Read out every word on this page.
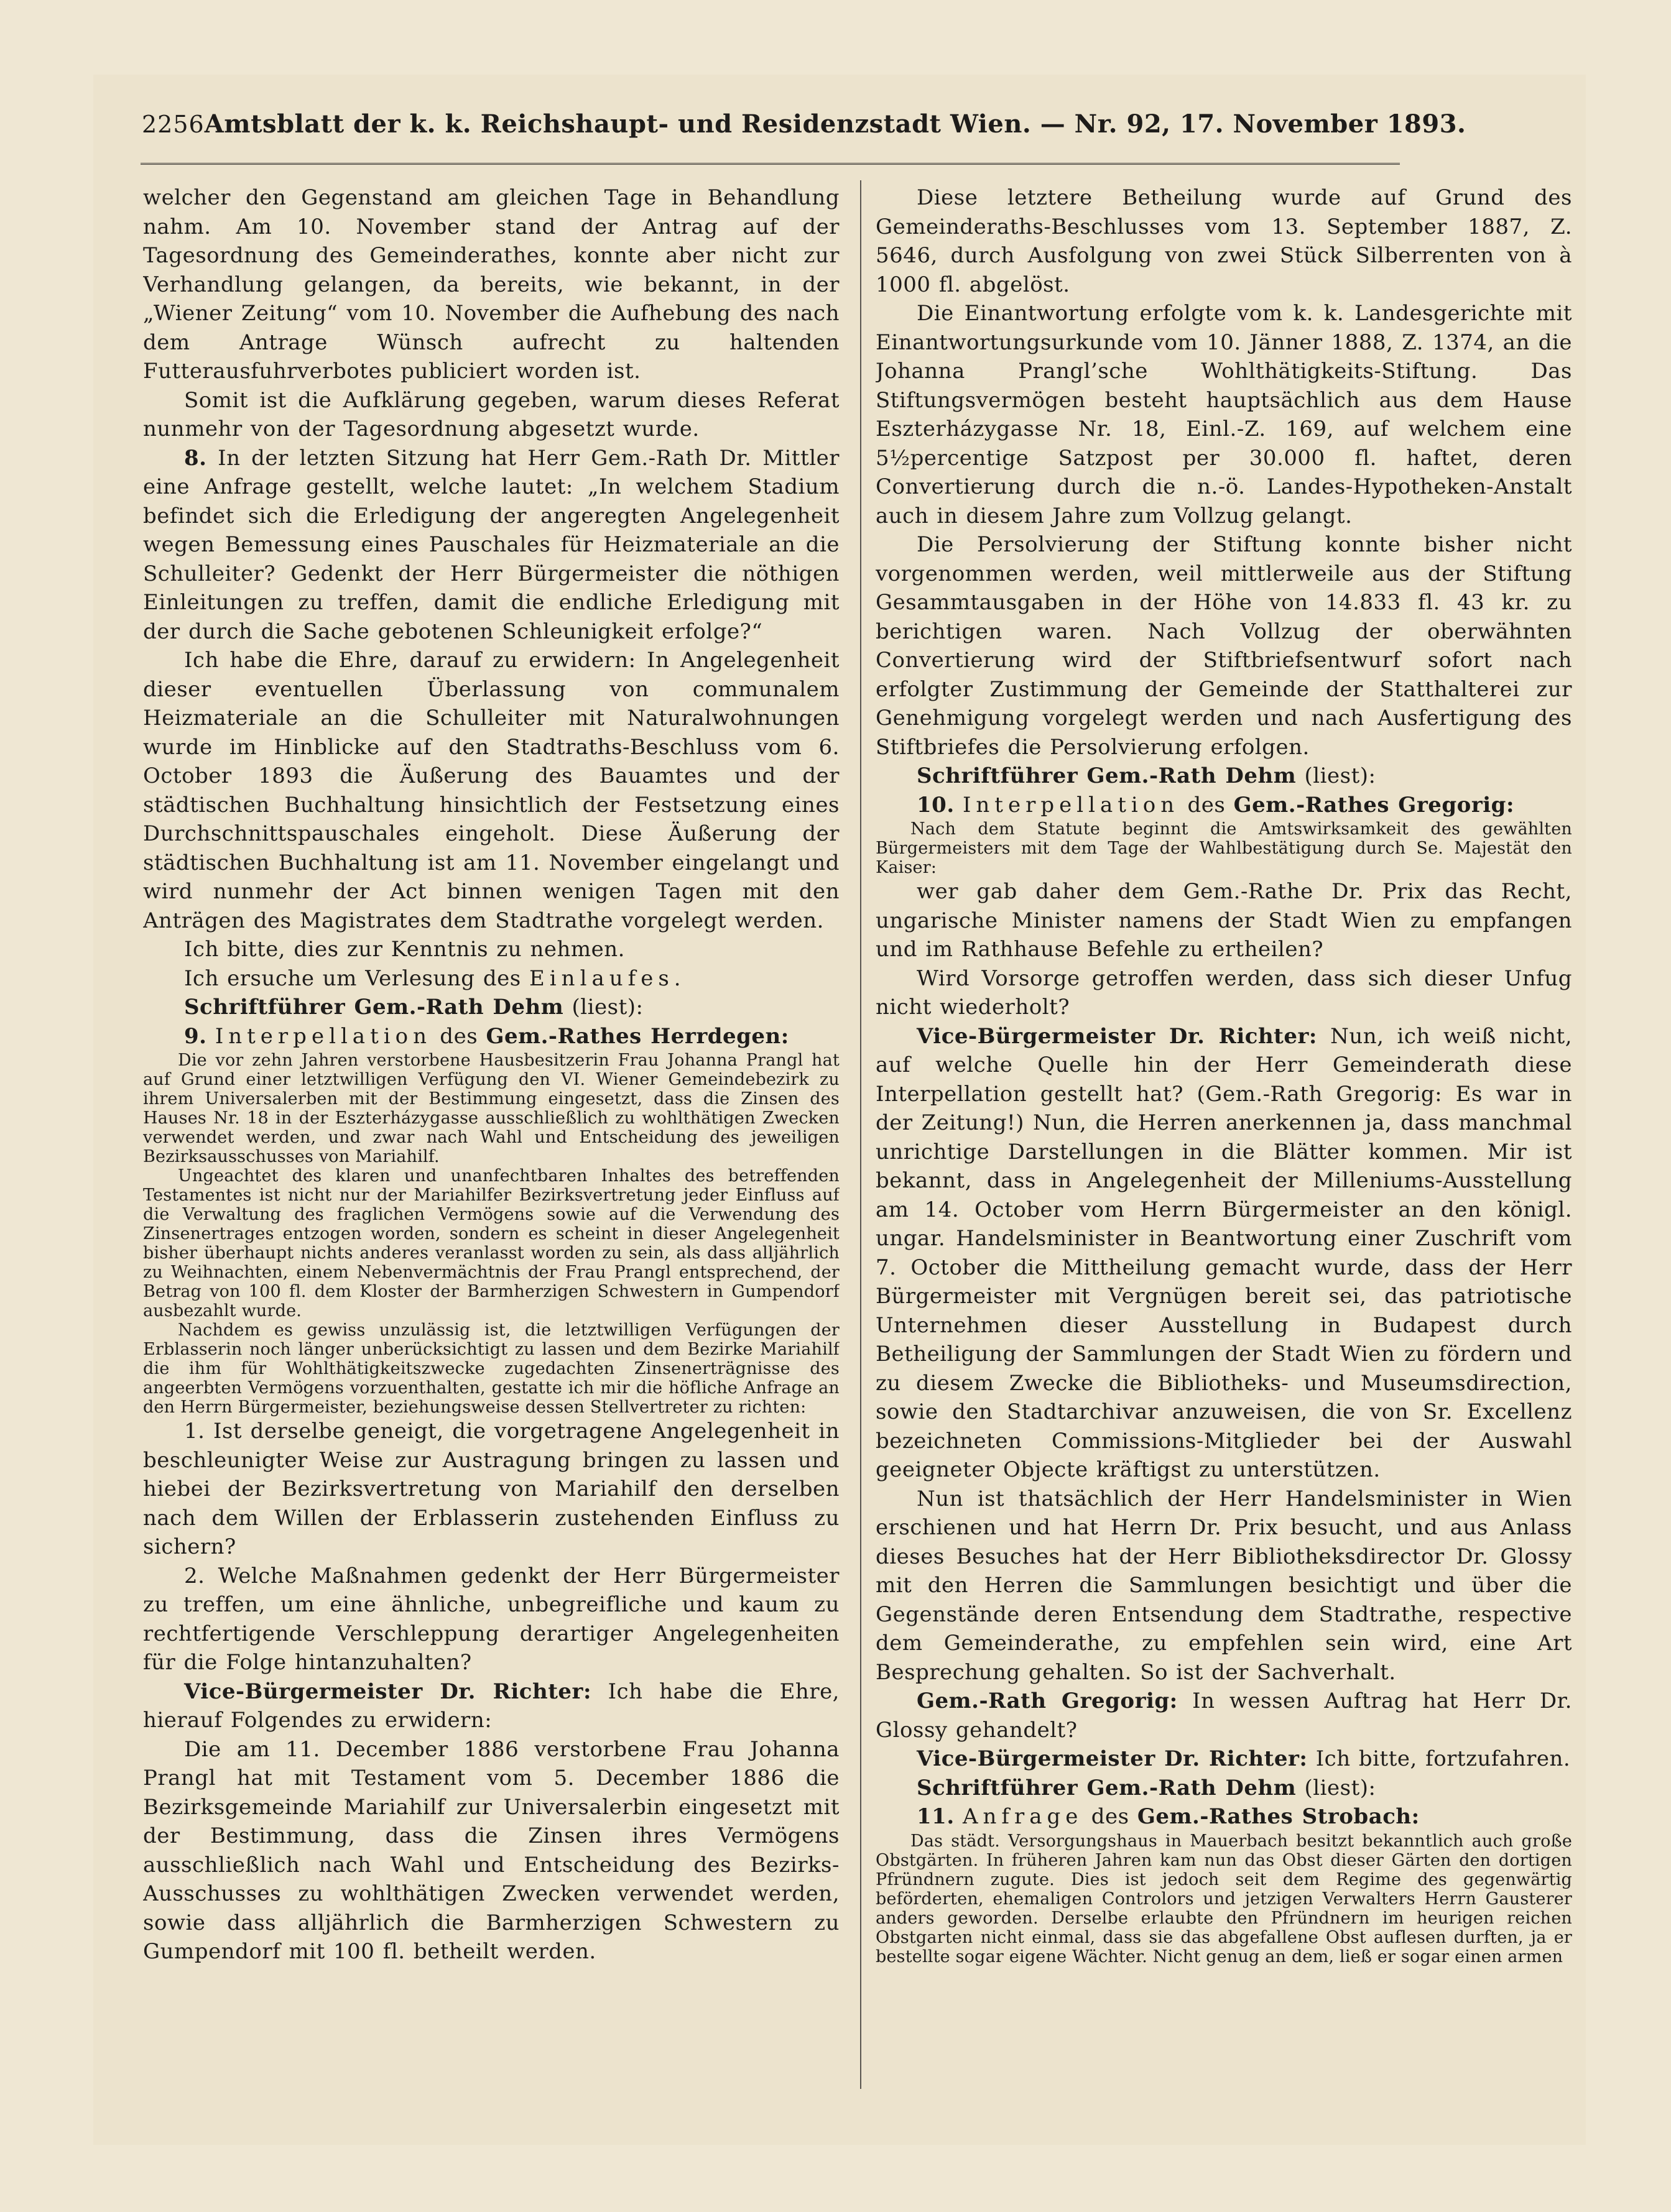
2256 Amtsblatt der k. k. Reichshaupt- und Residenzstadt Wien. — Nr. 92, 17. November 1893.

welcher den Gegenstand am gleichen Tage in Behandlung nahm. Am 10. November stand der Antrag auf der Tagesordnung des Gemeinderathes, konnte aber nicht zur Verhandlung gelangen, da bereits, wie bekannt, in der „Wiener Zeitung“ vom 10. November die Aufhebung des nach dem Antrage Wünsch aufrecht zu haltenden Futterausfuhrverbotes publiciert worden ist.

Somit ist die Aufklärung gegeben, warum dieses Referat nunmehr von der Tagesordnung abgesetzt wurde.

8. In der letzten Sitzung hat Herr Gem.-Rath Dr. Mittler eine Anfrage gestellt, welche lautet: „In welchem Stadium befindet sich die Erledigung der angeregten Angelegenheit wegen Bemessung eines Pauschales für Heizmateriale an die Schulleiter? Gedenkt der Herr Bürgermeister die nöthigen Einleitungen zu treffen, damit die endliche Erledigung mit der durch die Sache gebotenen Schleunigkeit erfolge?“

Ich habe die Ehre, darauf zu erwidern: In Angelegenheit dieser eventuellen Überlassung von communalem Heizmateriale an die Schulleiter mit Naturalwohnungen wurde im Hinblicke auf den Stadtraths-Beschluss vom 6. October 1893 die Äußerung des Bauamtes und der städtischen Buchhaltung hinsichtlich der Festsetzung eines Durchschnittspauschales eingeholt. Diese Äußerung der städtischen Buchhaltung ist am 11. November eingelangt und wird nunmehr der Act binnen wenigen Tagen mit den Anträgen des Magistrates dem Stadtrathe vorgelegt werden.

Ich bitte, dies zur Kenntnis zu nehmen.

Ich ersuche um Verlesung des Einlaufes.

Schriftführer Gem.-Rath Dehm (liest):

9. Interpellation des Gem.-Rathes Herrdegen:

Die vor zehn Jahren verstorbene Hausbesitzerin Frau Johanna Prangl hat auf Grund einer letztwilligen Verfügung den VI. Wiener Gemeindebezirk zu ihrem Universalerben mit der Bestimmung eingesetzt, dass die Zinsen des Hauses Nr. 18 in der Eszterházygasse ausschließlich zu wohlthätigen Zwecken verwendet werden, und zwar nach Wahl und Entscheidung des jeweiligen Bezirksausschusses von Mariahilf.

Ungeachtet des klaren und unanfechtbaren Inhaltes des betreffenden Testamentes ist nicht nur der Mariahilfer Bezirksvertretung jeder Einfluss auf die Verwaltung des fraglichen Vermögens sowie auf die Verwendung des Zinsenertrages entzogen worden, sondern es scheint in dieser Angelegenheit bisher überhaupt nichts anderes veranlasst worden zu sein, als dass alljährlich zu Weihnachten, einem Nebenvermächtnis der Frau Prangl entsprechend, der Betrag von 100 fl. dem Kloster der Barmherzigen Schwestern in Gumpendorf ausbezahlt wurde.

Nachdem es gewiss unzulässig ist, die letztwilligen Verfügungen der Erblasserin noch länger unberücksichtigt zu lassen und dem Bezirke Mariahilf die ihm für Wohlthätigkeitszwecke zugedachten Zinsenerträgnisse des angeerbten Vermögens vorzuenthalten, gestatte ich mir die höfliche Anfrage an den Herrn Bürgermeister, beziehungsweise dessen Stellvertreter zu richten:

1. Ist derselbe geneigt, die vorgetragene Angelegenheit in beschleunigter Weise zur Austragung bringen zu lassen und hiebei der Bezirksvertretung von Mariahilf den derselben nach dem Willen der Erblasserin zustehenden Einfluss zu sichern?

2. Welche Maßnahmen gedenkt der Herr Bürgermeister zu treffen, um eine ähnliche, unbegreifliche und kaum zu rechtfertigende Verschleppung derartiger Angelegenheiten für die Folge hintanzuhalten?

Vice-Bürgermeister Dr. Richter: Ich habe die Ehre, hierauf Folgendes zu erwidern:

Die am 11. December 1886 verstorbene Frau Johanna Prangl hat mit Testament vom 5. December 1886 die Bezirksgemeinde Mariahilf zur Universalerbin eingesetzt mit der Bestimmung, dass die Zinsen ihres Vermögens ausschließlich nach Wahl und Entscheidung des Bezirks-Ausschusses zu wohlthätigen Zwecken verwendet werden, sowie dass alljährlich die Barmherzigen Schwestern zu Gumpendorf mit 100 fl. betheilt werden.

Diese letztere Betheilung wurde auf Grund des Gemeinderaths-Beschlusses vom 13. September 1887, Z. 5646, durch Ausfolgung von zwei Stück Silberrenten von à 1000 fl. abgelöst.

Die Einantwortung erfolgte vom k. k. Landesgerichte mit Einantwortungsurkunde vom 10. Jänner 1888, Z. 1374, an die Johanna Prangl’sche Wohlthätigkeits-Stiftung. Das Stiftungsvermögen besteht hauptsächlich aus dem Hause Eszterházygasse Nr. 18, Einl.-Z. 169, auf welchem eine 5½percentige Satzpost per 30.000 fl. haftet, deren Convertierung durch die n.-ö. Landes-Hypotheken-Anstalt auch in diesem Jahre zum Vollzug gelangt.

Die Persolvierung der Stiftung konnte bisher nicht vorgenommen werden, weil mittlerweile aus der Stiftung Gesammtausgaben in der Höhe von 14.833 fl. 43 kr. zu berichtigen waren. Nach Vollzug der oberwähnten Convertierung wird der Stiftbriefsentwurf sofort nach erfolgter Zustimmung der Gemeinde der Statthalterei zur Genehmigung vorgelegt werden und nach Ausfertigung des Stiftbriefes die Persolvierung erfolgen.

Schriftführer Gem.-Rath Dehm (liest):

10. Interpellation des Gem.-Rathes Gregorig:

Nach dem Statute beginnt die Amtswirksamkeit des gewählten Bürgermeisters mit dem Tage der Wahlbestätigung durch Se. Majestät den Kaiser:

wer gab daher dem Gem.-Rathe Dr. Prix das Recht, ungarische Minister namens der Stadt Wien zu empfangen und im Rathhause Befehle zu ertheilen?

Wird Vorsorge getroffen werden, dass sich dieser Unfug nicht wiederholt?

Vice-Bürgermeister Dr. Richter: Nun, ich weiß nicht, auf welche Quelle hin der Herr Gemeinderath diese Interpellation gestellt hat? (Gem.-Rath Gregorig: Es war in der Zeitung!) Nun, die Herren anerkennen ja, dass manchmal unrichtige Darstellungen in die Blätter kommen. Mir ist bekannt, dass in Angelegenheit der Milleniums-Ausstellung am 14. October vom Herrn Bürgermeister an den königl. ungar. Handelsminister in Beantwortung einer Zuschrift vom 7. October die Mittheilung gemacht wurde, dass der Herr Bürgermeister mit Vergnügen bereit sei, das patriotische Unternehmen dieser Ausstellung in Budapest durch Betheiligung der Sammlungen der Stadt Wien zu fördern und zu diesem Zwecke die Bibliotheks- und Museumsdirection, sowie den Stadtarchivar anzuweisen, die von Sr. Excellenz bezeichneten Commissions-Mitglieder bei der Auswahl geeigneter Objecte kräftigst zu unterstützen.

Nun ist thatsächlich der Herr Handelsminister in Wien erschienen und hat Herrn Dr. Prix besucht, und aus Anlass dieses Besuches hat der Herr Bibliotheksdirector Dr. Glossy mit den Herren die Sammlungen besichtigt und über die Gegenstände deren Entsendung dem Stadtrathe, respective dem Gemeinderathe, zu empfehlen sein wird, eine Art Besprechung gehalten. So ist der Sachverhalt.

Gem.-Rath Gregorig: In wessen Auftrag hat Herr Dr. Glossy gehandelt?

Vice-Bürgermeister Dr. Richter: Ich bitte, fortzufahren.

Schriftführer Gem.-Rath Dehm (liest):

11. Anfrage des Gem.-Rathes Strobach:

Das städt. Versorgungshaus in Mauerbach besitzt bekanntlich auch große Obstgärten. In früheren Jahren kam nun das Obst dieser Gärten den dortigen Pfründnern zugute. Dies ist jedoch seit dem Regime des gegenwärtig beförderten, ehemaligen Controlors und jetzigen Verwalters Herrn Gausterer anders geworden. Derselbe erlaubte den Pfründnern im heurigen reichen Obstgarten nicht einmal, dass sie das abgefallene Obst auflesen durften, ja er bestellte sogar eigene Wächter. Nicht genug an dem, ließ er sogar einen armen
